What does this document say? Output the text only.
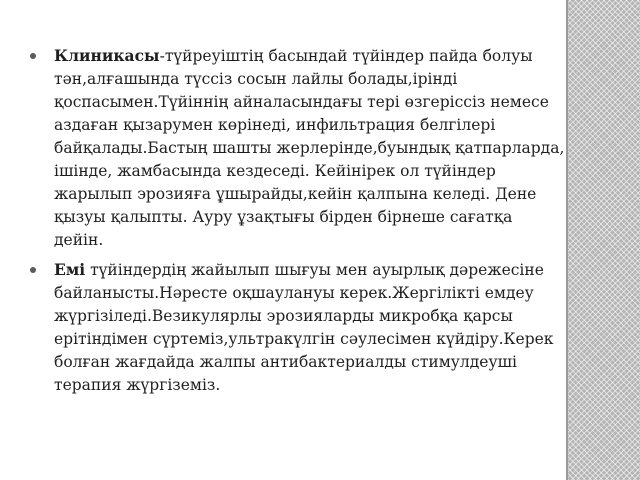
Клиникасы-түйреуіштің басындай түйіндер пайда болуы тән,алғашында түссіз сосын лайлы болады,ірінді қоспасымен.Түйіннің айналасындағы тері өзгеріссіз немесе аздаған қызарумен көрінеді, инфильтрация белгілері байқалады.Бастың шашты жерлерінде,буындық қатпарларда, ішінде, жамбасында кездеседі. Кейінірек ол түйіндер жарылып эрозияға ұшырайды,кейін қалпына келеді. Дене қызуы қалыпты. Ауру ұзақтығы бірден бірнеше сағатқа дейін.
Емі түйіндердің жайылып шығуы мен ауырлық дәрежесіне байланысты.Нәресте оқшаулануы керек.Жергілікті емдеу жүргізіледі.Везикулярлы эрозияларды микробқа қарсы ерітіндімен сүртеміз,ультракүлгін сәулесімен күйдіру.Керек болған жағдайда жалпы антибактериалды стимулдеуші терапия жүргіземіз.
